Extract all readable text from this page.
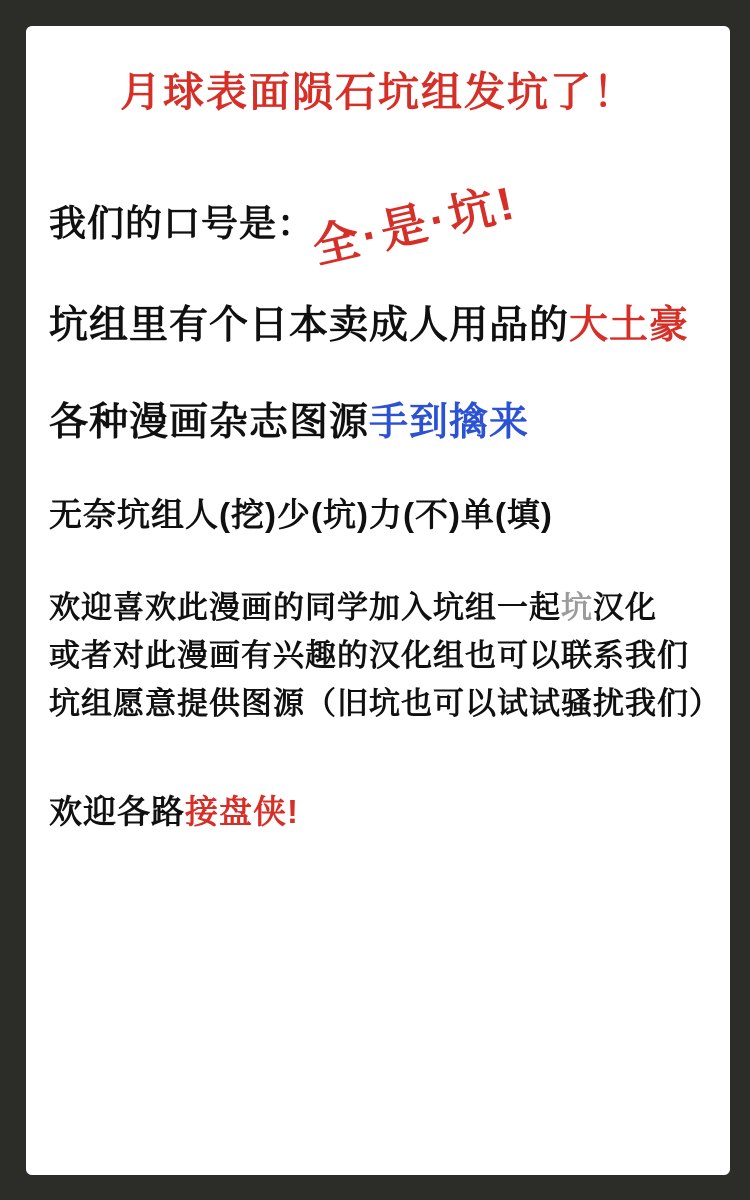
月球表面陨石坑组发坑了！
我们的口号是：
全·是·坑!
坑组里有个日本卖成人用品的大土豪
各种漫画杂志图源手到擒来
无奈坑组人(挖)少(坑)力(不)单(填)
欢迎喜欢此漫画的同学加入坑组一起坑汉化
或者对此漫画有兴趣的汉化组也可以联系我们
坑组愿意提供图源（旧坑也可以试试骚扰我们）
欢迎各路接盘侠!
